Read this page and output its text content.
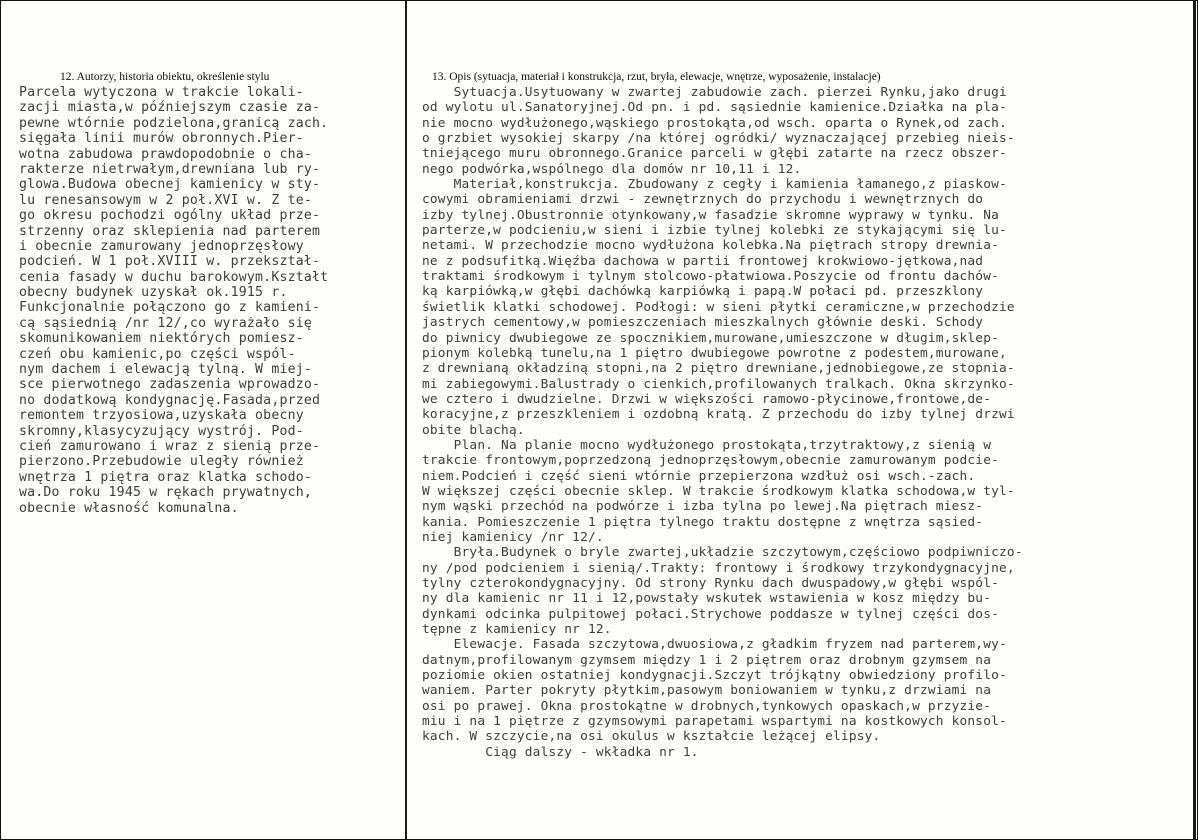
12. Autorzy, historia obiektu, określenie stylu	13. Opis (sytuacja, materiał i konstrukcja, rzut, bryła, elewacje, wnętrze, wyposażenie, instalacje)
Parcela wytyczona w trakcie lokali-
zacji miasta,w późniejszym czasie za-
pewne wtórnie podzielona,granicą zach.
sięgała linii murów obronnych.Pier-
wotna zabudowa prawdopodobnie o cha-
rakterze nietrwałym,drewniana lub ry-
glowa.Budowa obecnej kamienicy w sty-
lu renesansowym w 2 poł.XVI w. Z te-
go okresu pochodzi ogólny układ prze-
strzenny oraz sklepienia nad parterem
i obecnie zamurowany jednoprzęsłowy
podcień. W 1 poł.XVIII w. przekształ-
cenia fasady w duchu barokowym.Kształt
obecny budynek uzyskał ok.1915 r.
Funkcjonalnie połączono go z kamieni-
cą sąsiednią /nr 12/,co wyrażało się
skomunikowaniem niektórych pomiesz-
czeń obu kamienic,po części wspól-
nym dachem i elewacją tylną. W miej-
sce pierwotnego zadaszenia wprowadzo-
no dodatkową kondygnację.Fasada,przed
remontem trzyosiowa,uzyskała obecny
skromny,klasycyzujący wystrój. Pod-
cień zamurowano i wraz z sienią prze-
pierzono.Przebudowie uległy również
wnętrza 1 piętra oraz klatka schodo-
wa.Do roku 1945 w rękach prywatnych,
obecnie własność komunalna.
Sytuacja.Usytuowany w zwartej zabudowie zach. pierzei Rynku,jako drugi
od wylotu ul.Sanatoryjnej.Od pn. i pd. sąsiednie kamienice.Działka na pla-
nie mocno wydłużonego,wąskiego prostokąta,od wsch. oparta o Rynek,od zach.
o grzbiet wysokiej skarpy /na której ogródki/ wyznaczającej przebieg nieis-
tniejącego muru obronnego.Granice parceli w głębi zatarte na rzecz obszer-
nego podwórka,wspólnego dla domów nr 10,11 i 12.
Materiał,konstrukcja. Zbudowany z cegły i kamienia łamanego,z piaskow-
cowymi obramieniami drzwi - zewnętrznych do przychodu i wewnętrznych do
izby tylnej.Obustronnie otynkowany,w fasadzie skromne wyprawy w tynku. Na
parterze,w podcieniu,w sieni i izbie tylnej kolebki ze stykającymi się lu-
netami. W przechodzie mocno wydłużona kolebka.Na piętrach stropy drewnia-
ne z podsufitką.Więźba dachowa w partii frontowej krokwiowo-jętkowa,nad
traktami środkowym i tylnym stolcowo-płatwiowa.Poszycie od frontu dachów-
ką karpiówką,w głębi dachówką karpiówką i papą.W połaci pd. przeszklony
świetlik klatki schodowej. Podłogi: w sieni płytki ceramiczne,w przechodzie
jastrych cementowy,w pomieszczeniach mieszkalnych głównie deski. Schody
do piwnicy dwubiegowe ze spocznikiem,murowane,umieszczone w długim,sklep-
pionym kolebką tunelu,na 1 piętro dwubiegowe powrotne z podestem,murowane,
z drewnianą okładziną stopni,na 2 piętro drewniane,jednobiegowe,ze stopnia-
mi zabiegowymi.Balustrady o cienkich,profilowanych tralkach. Okna skrzynko-
we cztero i dwudzielne. Drzwi w większości ramowo-płycinowe,frontowe,de-
koracyjne,z przeszkleniem i ozdobną kratą. Z przechodu do izby tylnej drzwi
obite blachą.
Plan. Na planie mocno wydłużonego prostokąta,trzytraktowy,z sienią w
trakcie frontowym,poprzedzoną jednoprzęsłowym,obecnie zamurowanym podcie-
niem.Podcień i część sieni wtórnie przepierzona wzdłuż osi wsch.-zach.
W większej części obecnie sklep. W trakcie środkowym klatka schodowa,w tyl-
nym wąski przechód na podwórze i izba tylna po lewej.Na piętrach miesz-
kania. Pomieszczenie 1 piętra tylnego traktu dostępne z wnętrza sąsied-
niej kamienicy /nr 12/.
Bryła.Budynek o bryle zwartej,układzie szczytowym,częściowo podpiwniczo-
ny /pod podcieniem i sienią/.Trakty: frontowy i środkowy trzykondygnacyjne,
tylny czterokondygnacyjny. Od strony Rynku dach dwuspadowy,w głębi wspól-
ny dla kamienic nr 11 i 12,powstały wskutek wstawienia w kosz między bu-
dynkami odcinka pulpitowej połaci.Strychowe poddasze w tylnej części dos-
tępne z kamienicy nr 12.
Elewacje. Fasada szczytowa,dwuosiowa,z gładkim fryzem nad parterem,wy-
datnym,profilowanym gzymsem między 1 i 2 piętrem oraz drobnym gzymsem na
poziomie okien ostatniej kondygnacji.Szczyt trójkątny obwiedziony profilo-
waniem. Parter pokryty płytkim,pasowym boniowaniem w tynku,z drzwiami na
osi po prawej. Okna prostokątne w drobnych,tynkowych opaskach,w przyzie-
miu i na 1 piętrze z gzymsowymi parapetami wspartymi na kostkowych konsol-
kach. W szczycie,na osi okulus w kształcie leżącej elipsy.
Ciąg dalszy - wkładka nr 1.
